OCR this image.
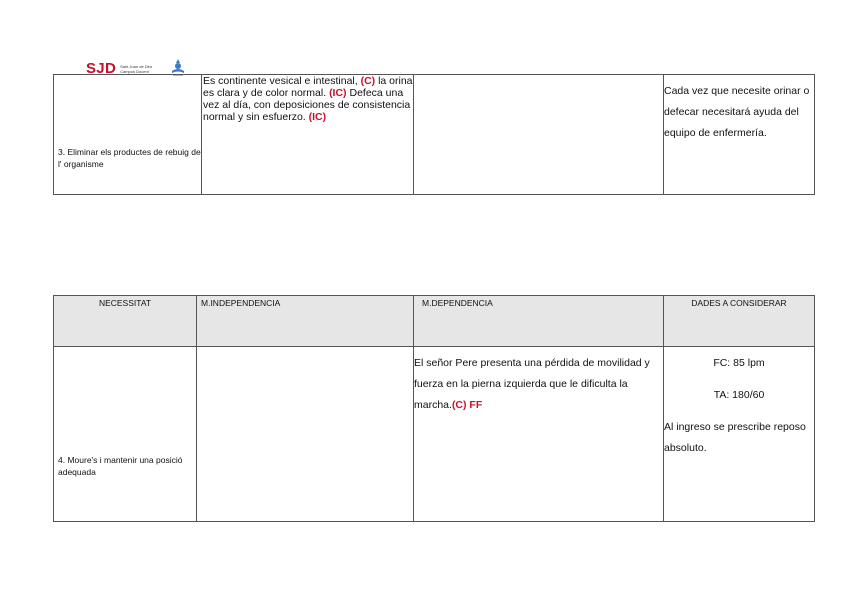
SJD Sant Joan de Déu Campus Docent
3. Eliminar els productes de rebuig de l' organisme	Es continente vesical e intestinal, (C) la orina es clara y de color normal. (IC) Defeca una vez al día, con deposiciones de consistencia normal y sin esfuerzo. (IC)		Cada vez que necesite orinar o defecar necesitará ayuda del equipo de enfermería.
NECESSITAT	M.INDEPENDENCIA	M.DEPENDENCIA	DADES A CONSIDERAR
4. Moure's i mantenir una posició adequada		El señor Pere presenta una pérdida de movilidad y fuerza en la pierna izquierda que le dificulta la marcha.(C) FF	FC: 85 lpm
TA: 180/60
Al ingreso se prescribe reposo absoluto.
